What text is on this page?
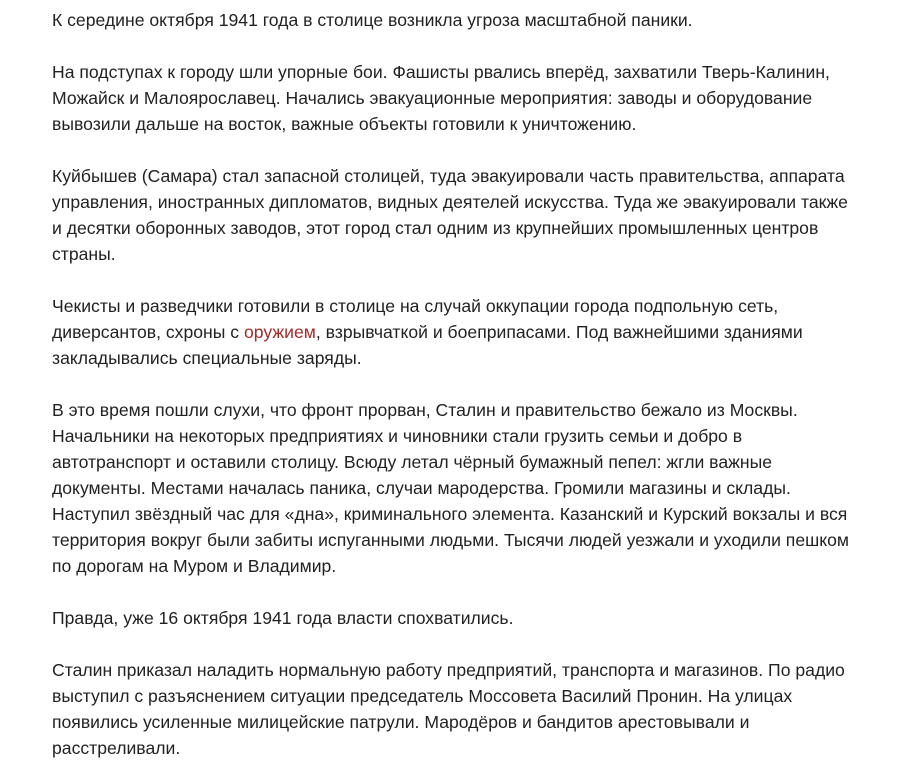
К середине октября 1941 года в столице возникла угроза масштабной паники.

На подступах к городу шли упорные бои. Фашисты рвались вперёд, захватили Тверь-Калинин, Можайск и Малоярославец. Начались эвакуационные мероприятия: заводы и оборудование вывозили дальше на восток, важные объекты готовили к уничтожению.

Куйбышев (Самара) стал запасной столицей, туда эвакуировали часть правительства, аппарата управления, иностранных дипломатов, видных деятелей искусства. Туда же эвакуировали также и десятки оборонных заводов, этот город стал одним из крупнейших промышленных центров страны.

Чекисты и разведчики готовили в столице на случай оккупации города подпольную сеть, диверсантов, схроны с оружием, взрывчаткой и боеприпасами. Под важнейшими зданиями закладывались специальные заряды.

В это время пошли слухи, что фронт прорван, Сталин и правительство бежало из Москвы. Начальники на некоторых предприятиях и чиновники стали грузить семьи и добро в автотранспорт и оставили столицу. Всюду летал чёрный бумажный пепел: жгли важные документы. Местами началась паника, случаи мародерства. Громили магазины и склады. Наступил звёздный час для «дна», криминального элемента. Казанский и Курский вокзалы и вся территория вокруг были забиты испуганными людьми. Тысячи людей уезжали и уходили пешком по дорогам на Муром и Владимир.

Правда, уже 16 октября 1941 года власти спохватились.

Сталин приказал наладить нормальную работу предприятий, транспорта и магазинов. По радио выступил с разъяснением ситуации председатель Моссовета Василий Пронин. На улицах появились усиленные милицейские патрули. Мародёров и бандитов арестовывали и расстреливали.
